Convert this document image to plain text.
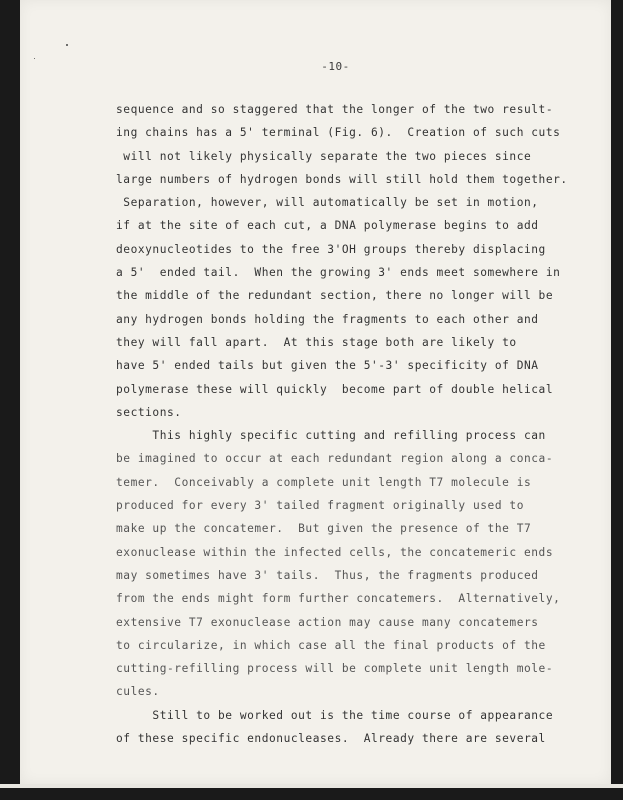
-10-
sequence and so staggered that the longer of the two result-
ing chains has a 5' terminal (Fig. 6).  Creation of such cuts
will not likely physically separate the two pieces since
large numbers of hydrogen bonds will still hold them together.
Separation, however, will automatically be set in motion,
if at the site of each cut, a DNA polymerase begins to add
deoxynucleotides to the free 3'OH groups thereby displacing
a 5'  ended tail.  When the growing 3' ends meet somewhere in
the middle of the redundant section, there no longer will be
any hydrogen bonds holding the fragments to each other and
they will fall apart.  At this stage both are likely to
have 5' ended tails but given the 5'-3' specificity of DNA
polymerase these will quickly  become part of double helical
sections.
This highly specific cutting and refilling process can
be imagined to occur at each redundant region along a conca-
temer.  Conceivably a complete unit length T7 molecule is
produced for every 3' tailed fragment originally used to
make up the concatemer.  But given the presence of the T7
exonuclease within the infected cells, the concatemeric ends
may sometimes have 3' tails.  Thus, the fragments produced
from the ends might form further concatemers.  Alternatively,
extensive T7 exonuclease action may cause many concatemers
to circularize, in which case all the final products of the
cutting-refilling process will be complete unit length mole-
cules.
Still to be worked out is the time course of appearance
of these specific endonucleases.  Already there are several
